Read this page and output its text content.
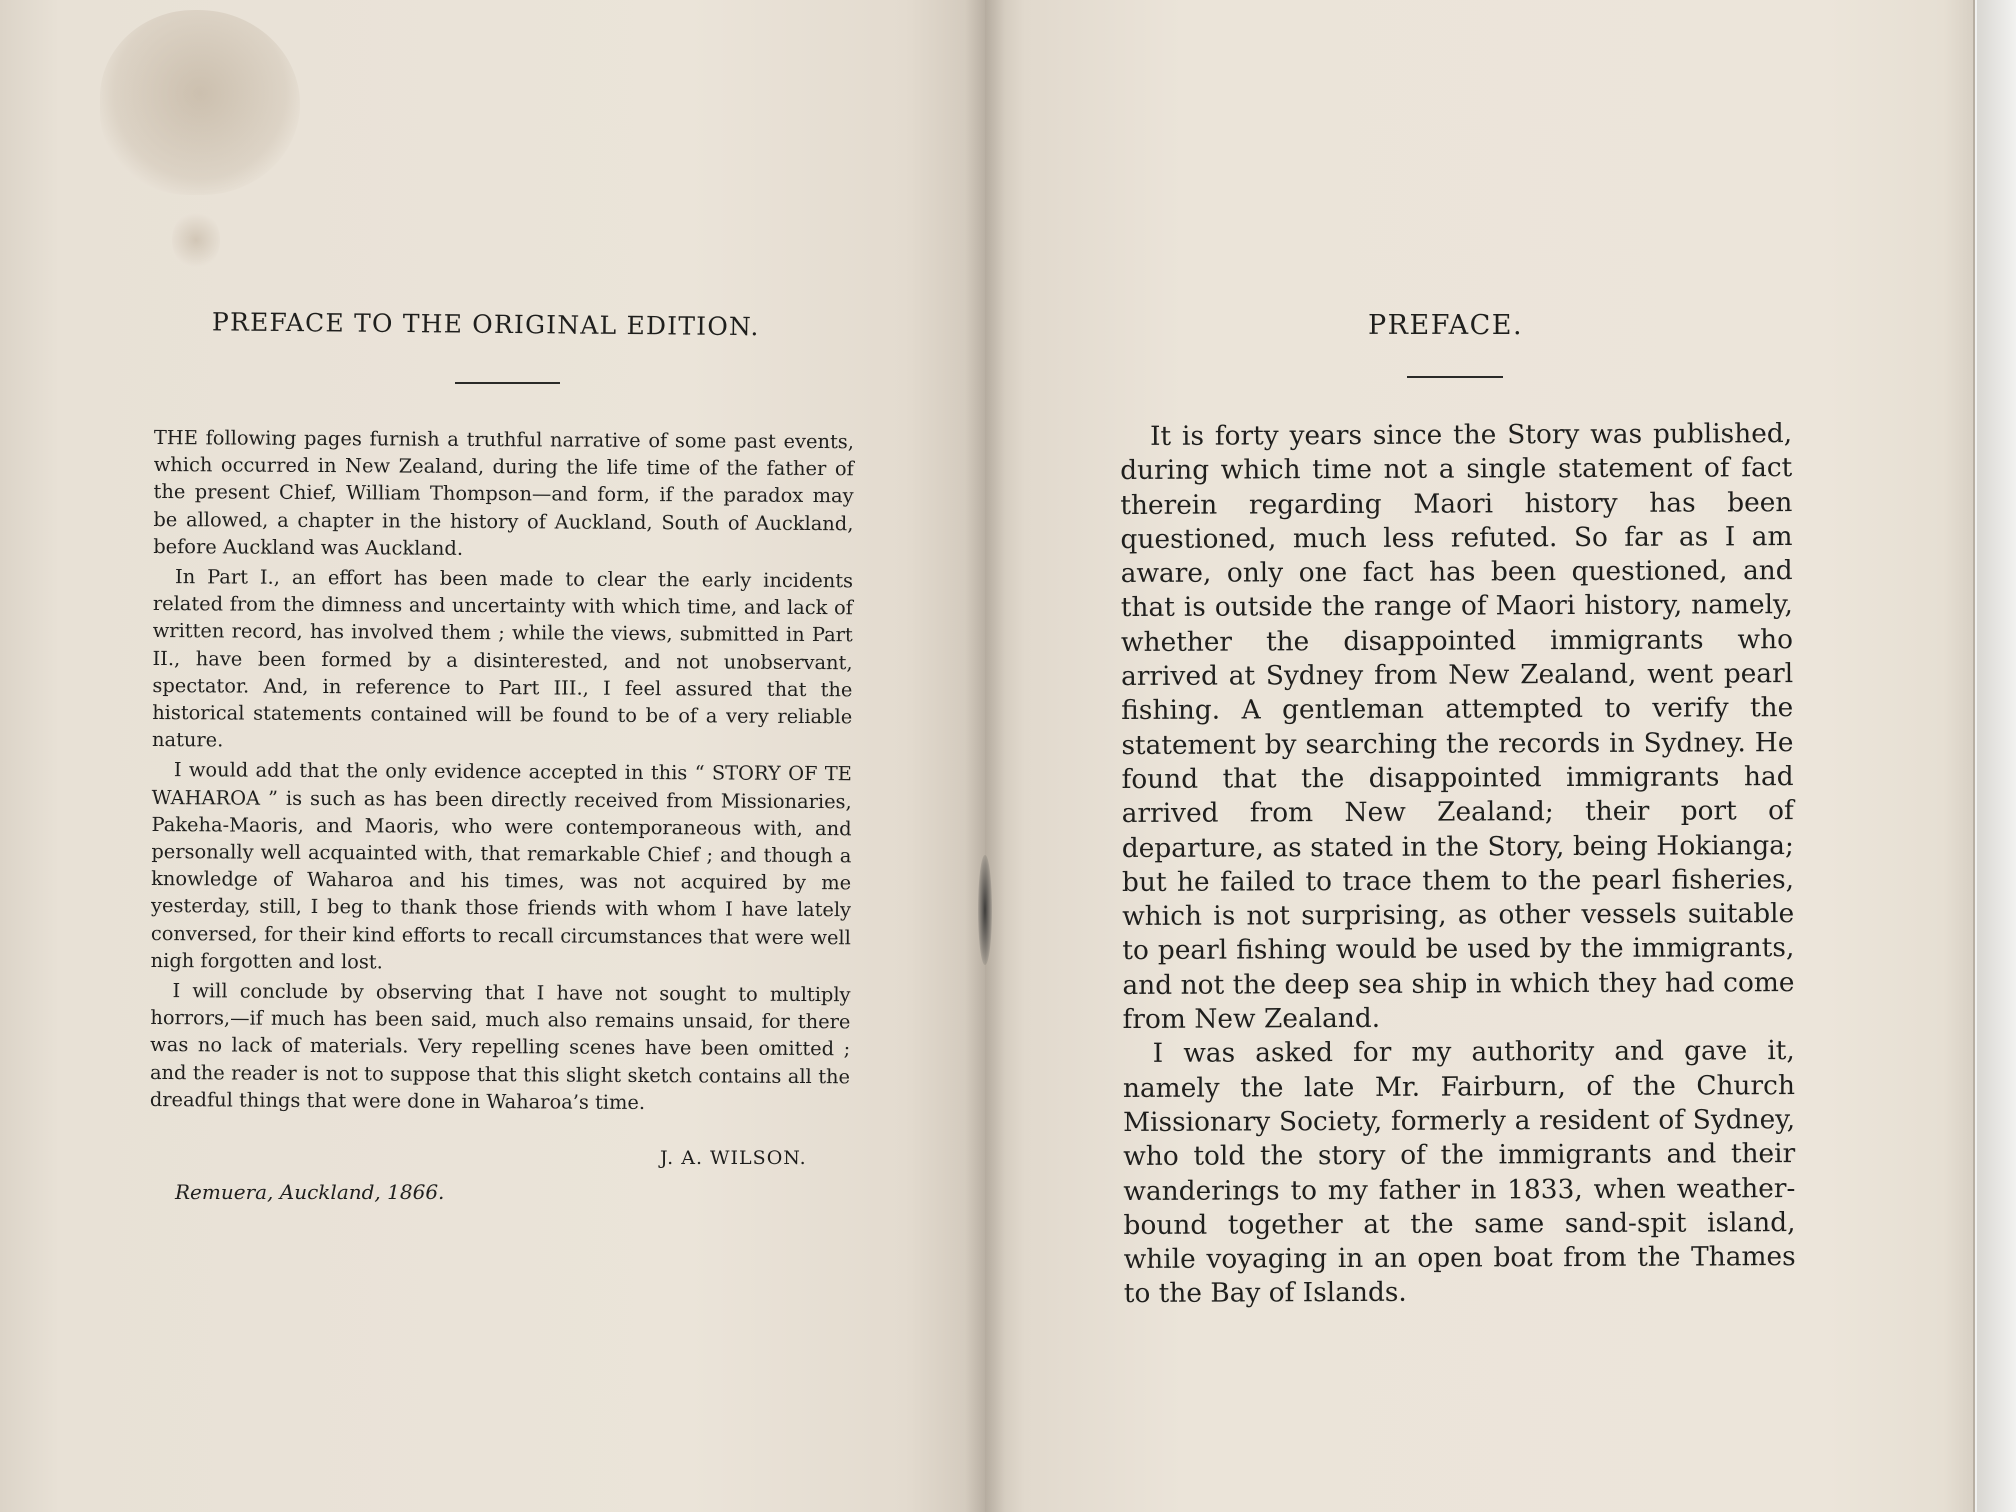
PREFACE TO THE ORIGINAL EDITION.

THE following pages furnish a truthful narrative of some past events, which occurred in New Zealand, during the life time of the father of the present Chief, William Thompson—and form, if the paradox may be allowed, a chapter in the history of Auckland, South of Auckland, before Auckland was Auckland.

In Part I., an effort has been made to clear the early incidents related from the dimness and uncertainty with which time, and lack of written record, has involved them ; while the views, submitted in Part II., have been formed by a disinterested, and not unobservant, spectator. And, in reference to Part III., I feel assured that the historical statements contained will be found to be of a very reliable nature.

I would add that the only evidence accepted in this “ STORY OF TE WAHAROA ” is such as has been directly received from Missionaries, Pakeha-Maoris, and Maoris, who were contemporaneous with, and personally well acquainted with, that remarkable Chief ; and though a knowledge of Waharoa and his times, was not acquired by me yesterday, still, I beg to thank those friends with whom I have lately conversed, for their kind efforts to recall circumstances that were well nigh forgotten and lost.

I will conclude by observing that I have not sought to multiply horrors,—if much has been said, much also remains unsaid, for there was no lack of materials. Very repelling scenes have been omitted ; and the reader is not to suppose that this slight sketch contains all the dreadful things that were done in Waharoa’s time.

J. A. WILSON.
Remuera, Auckland, 1866.
PREFACE.

It is forty years since the Story was published, during which time not a single statement of fact therein regarding Maori history has been questioned, much less refuted. So far as I am aware, only one fact has been questioned, and that is outside the range of Maori history, namely, whether the disappointed immigrants who arrived at Sydney from New Zealand, went pearl fishing. A gentleman attempted to verify the statement by searching the records in Sydney. He found that the disappointed immigrants had arrived from New Zealand; their port of departure, as stated in the Story, being Hokianga; but he failed to trace them to the pearl fisheries, which is not surprising, as other vessels suitable to pearl fishing would be used by the immigrants, and not the deep sea ship in which they had come from New Zealand.

I was asked for my authority and gave it, namely the late Mr. Fairburn, of the Church Missionary Society, formerly a resident of Sydney, who told the story of the immigrants and their wanderings to my father in 1833, when weather-bound together at the same sand-spit island, while voyaging in an open boat from the Thames to the Bay of Islands.
